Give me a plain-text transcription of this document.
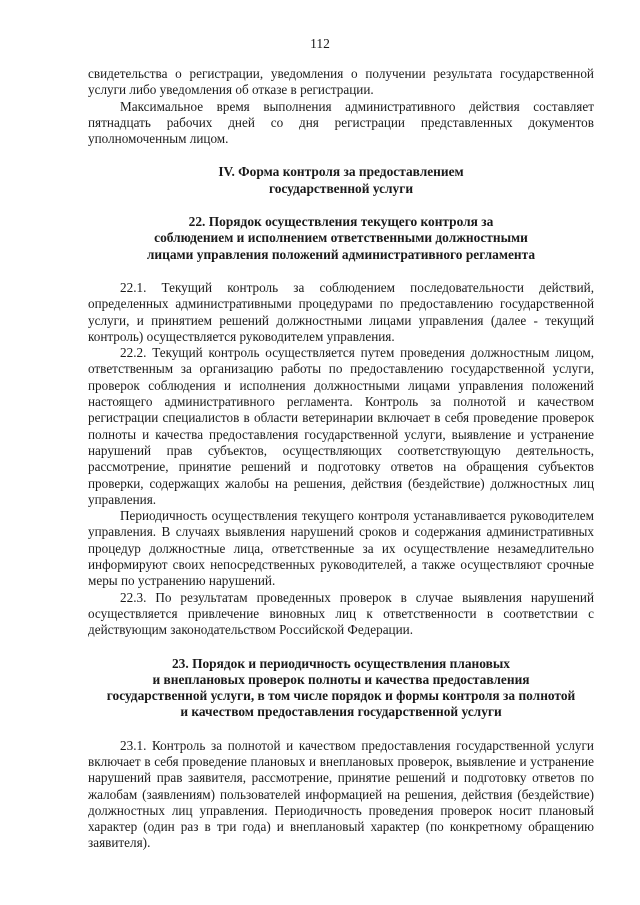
112

свидетельства о регистрации, уведомления о получении результата государственной услуги либо уведомления об отказе в регистрации.

Максимальное время выполнения административного действия составляет пятнадцать рабочих дней со дня регистрации представленных документов уполномоченным лицом.

IV. Форма контроля за предоставлением
государственной услуги
22. Порядок осуществления текущего контроля за
соблюдением и исполнением ответственными должностными
лицами управления положений административного регламента

22.1. Текущий контроль за соблюдением последовательности действий, определенных административными процедурами по предоставлению государственной услуги, и принятием решений должностными лицами управления (далее - текущий контроль) осуществляется руководителем управления.

22.2. Текущий контроль осуществляется путем проведения должностным лицом, ответственным за организацию работы по предоставлению государственной услуги, проверок соблюдения и исполнения должностными лицами управления положений настоящего административного регламента. Контроль за полнотой и качеством регистрации специалистов в области ветеринарии включает в себя проведение проверок полноты и качества предоставления государственной услуги, выявление и устранение нарушений прав субъектов, осуществляющих соответствующую деятельность, рассмотрение, принятие решений и подготовку ответов на обращения субъектов проверки, содержащих жалобы на решения, действия (бездействие) должностных лиц управления.

Периодичность осуществления текущего контроля устанавливается руководителем управления. В случаях выявления нарушений сроков и содержания административных процедур должностные лица, ответственные за их осуществление незамедлительно информируют своих непосредственных руководителей, а также осуществляют срочные меры по устранению нарушений.

22.3. По результатам проведенных проверок в случае выявления нарушений осуществляется привлечение виновных лиц к ответственности в соответствии с действующим законодательством Российской Федерации.

23. Порядок и периодичность осуществления плановых
и внеплановых проверок полноты и качества предоставления
государственной услуги, в том числе порядок и формы контроля за полнотой
и качеством предоставления государственной услуги

23.1. Контроль за полнотой и качеством предоставления государственной услуги включает в себя проведение плановых и внеплановых проверок, выявление и устранение нарушений прав заявителя, рассмотрение, принятие решений и подготовку ответов по жалобам (заявлениям) пользователей информацией на решения, действия (бездействие) должностных лиц управления. Периодичность проведения проверок носит плановый характер (один раз в три года) и внеплановый характер (по конкретному обращению заявителя).
